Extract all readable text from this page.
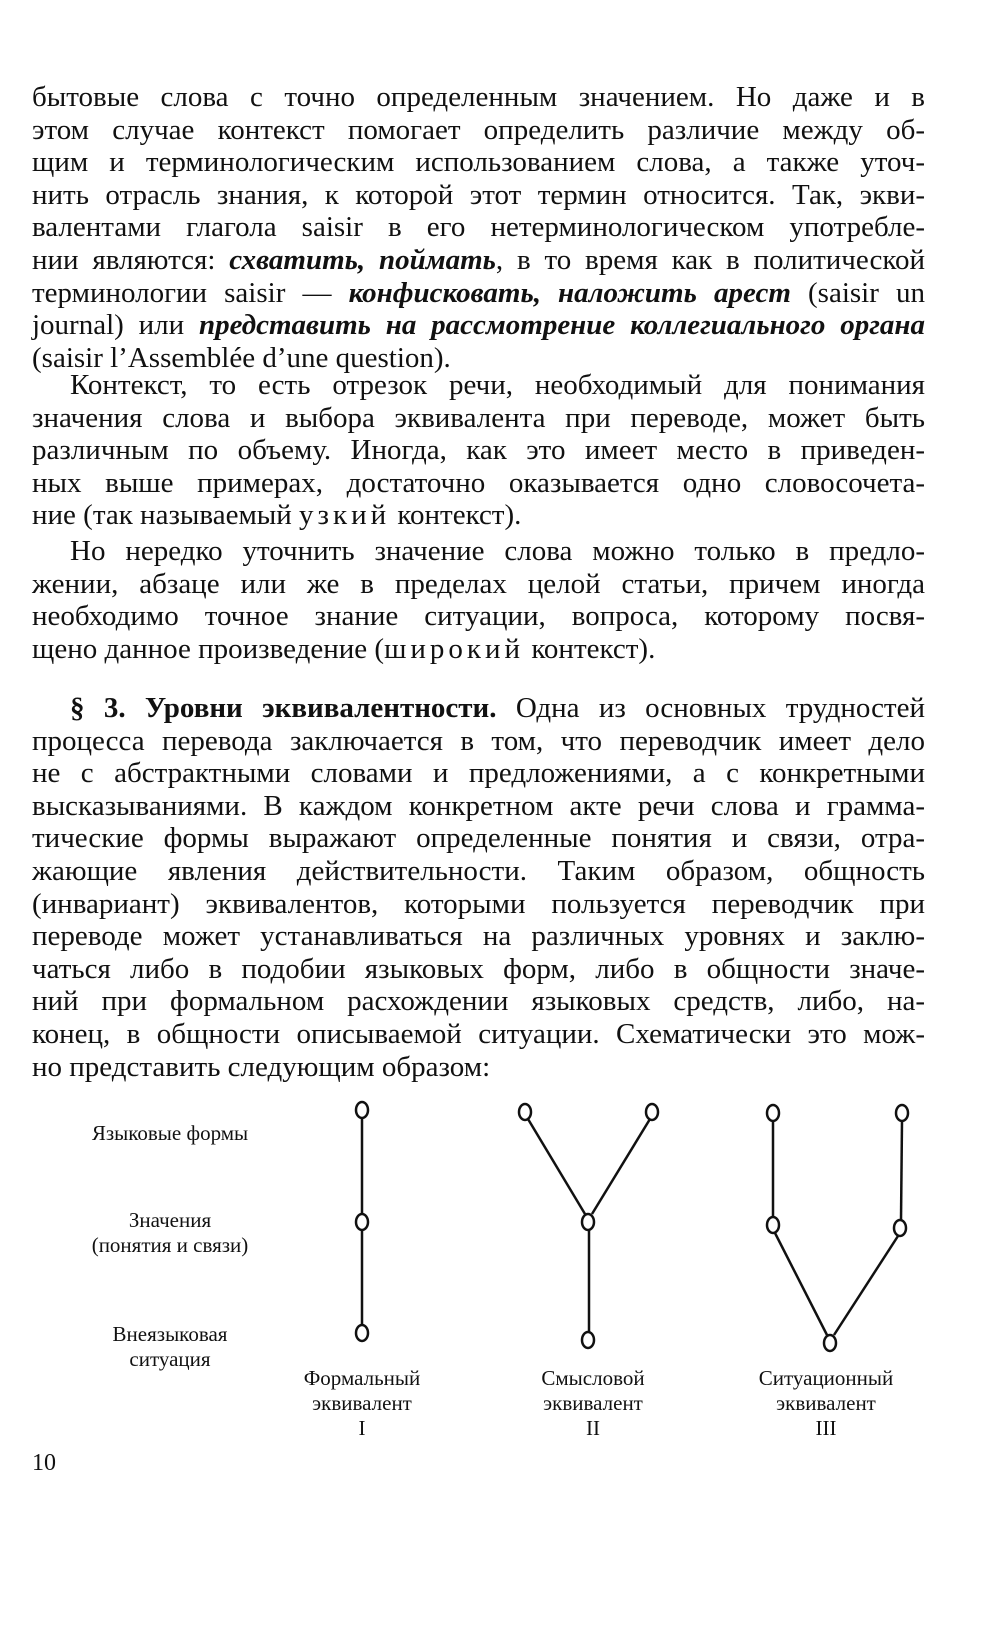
бытовые слова с точно определенным значением. Но даже и в
этом случае контекст помогает определить различие между об-
щим и терминологическим использованием слова, а также уточ-
нить отрасль знания, к которой этот термин относится. Так, экви-
валентами глагола saisir в его нетерминологическом употребле-
нии являются: схватить, поймать, в то время как в политической
терминологии saisir — конфисковать, наложить арест (saisir un
journal) или представить на рассмотрение коллегиального органа
(saisir l’Assemblée d’une question).
Контекст, то есть отрезок речи, необходимый для понимания
значения слова и выбора эквивалента при переводе, может быть
различным по объему. Иногда, как это имеет место в приведен-
ных выше примерах, достаточно оказывается одно словосочета-
ние (так называемый узкий контекст).
Но нередко уточнить значение слова можно только в предло-
жении, абзаце или же в пределах целой статьи, причем иногда
необходимо точное знание ситуации, вопроса, которому посвя-
щено данное произведение (широкий контекст).
§ 3. Уровни эквивалентности. Одна из основных трудностей
процесса перевода заключается в том, что переводчик имеет дело
не с абстрактными словами и предложениями, а с конкретными
высказываниями. В каждом конкретном акте речи слова и грамма-
тические формы выражают определенные понятия и связи, отра-
жающие явления действительности. Таким образом, общность
(инвариант) эквивалентов, которыми пользуется переводчик при
переводе может устанавливаться на различных уровнях и заклю-
чаться либо в подобии языковых форм, либо в общности значе-
ний при формальном расхождении языковых средств, либо, на-
конец, в общности описываемой ситуации. Схематически это мож-
но представить следующим образом:
Языковые формы
Значения
(понятия и связи)
Внеязыковая
ситуация
Формальный
эквивалент
I
Смысловой
эквивалент
II
Ситуационный
эквивалент
III
10
